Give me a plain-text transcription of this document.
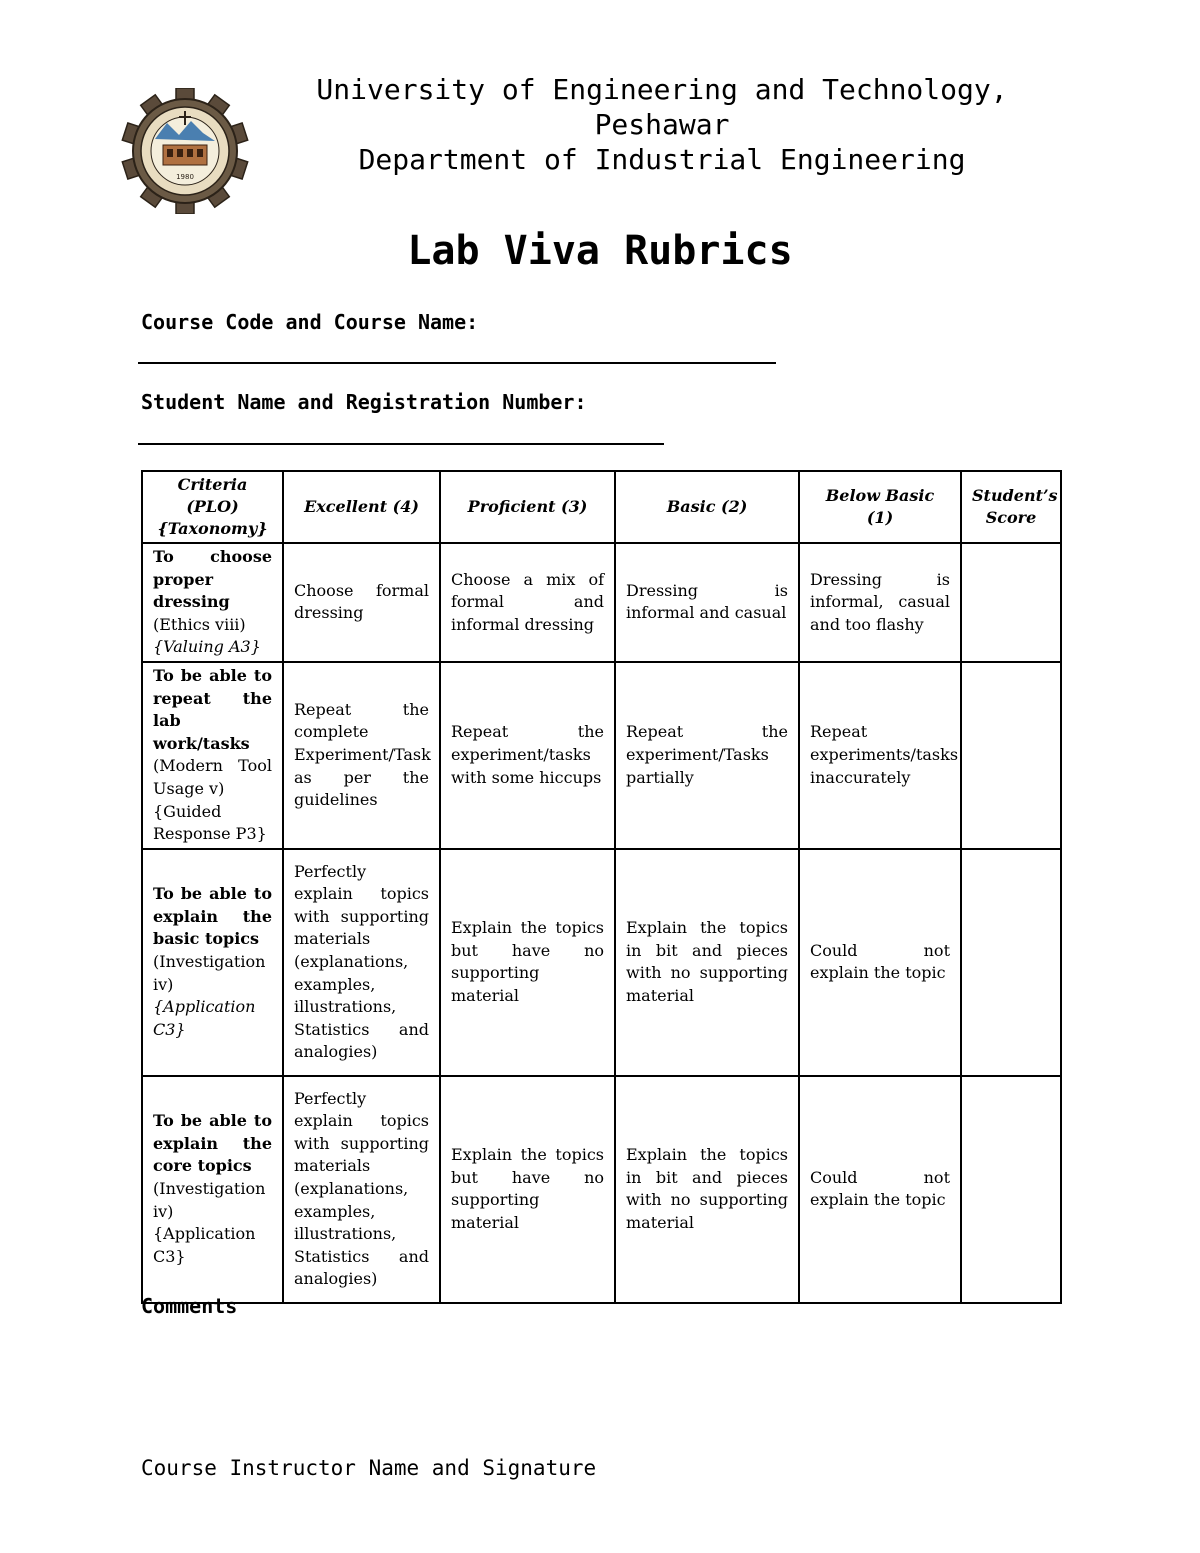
1980
University of Engineering and Technology,
Peshawar
Department of Industrial Engineering
Lab Viva Rubrics
Course Code and Course Name:
Student Name and Registration Number:
Criteria (PLO) {Taxonomy}	Excellent (4)	Proficient (3)	Basic (2)	Below Basic (1)	Student’s Score

To choose proper dressing
(Ethics viii)
{Valuing A3}	Choose formal dressing	Choose a mix of formal and informal dressing	Dressing is informal and casual	Dressing is informal, casual and too flashy	

To be able to repeat the lab work/tasks
(Modern Tool Usage v)
{Guided Response P3}	Repeat the complete Experiment/Task as per the guidelines	Repeat the experiment/tasks with some hiccups	Repeat the experiment/Tasks partially	Repeat experiments/tasks inaccurately	

To be able to explain the basic topics
(Investigation iv)
{Application C3}	Perfectly explain topics with supporting materials (explanations, examples, illustrations, Statistics and analogies)	Explain the topics but have no supporting material	Explain the topics in bit and pieces with no supporting material	Could not explain the topic	

To be able to explain the core topics
(Investigation iv)
{Application C3}	Perfectly explain topics with supporting materials (explanations, examples, illustrations, Statistics and analogies)	Explain the topics but have no supporting material	Explain the topics in bit and pieces with no supporting material	Could not explain the topic	
Comments
Course Instructor Name and Signature
